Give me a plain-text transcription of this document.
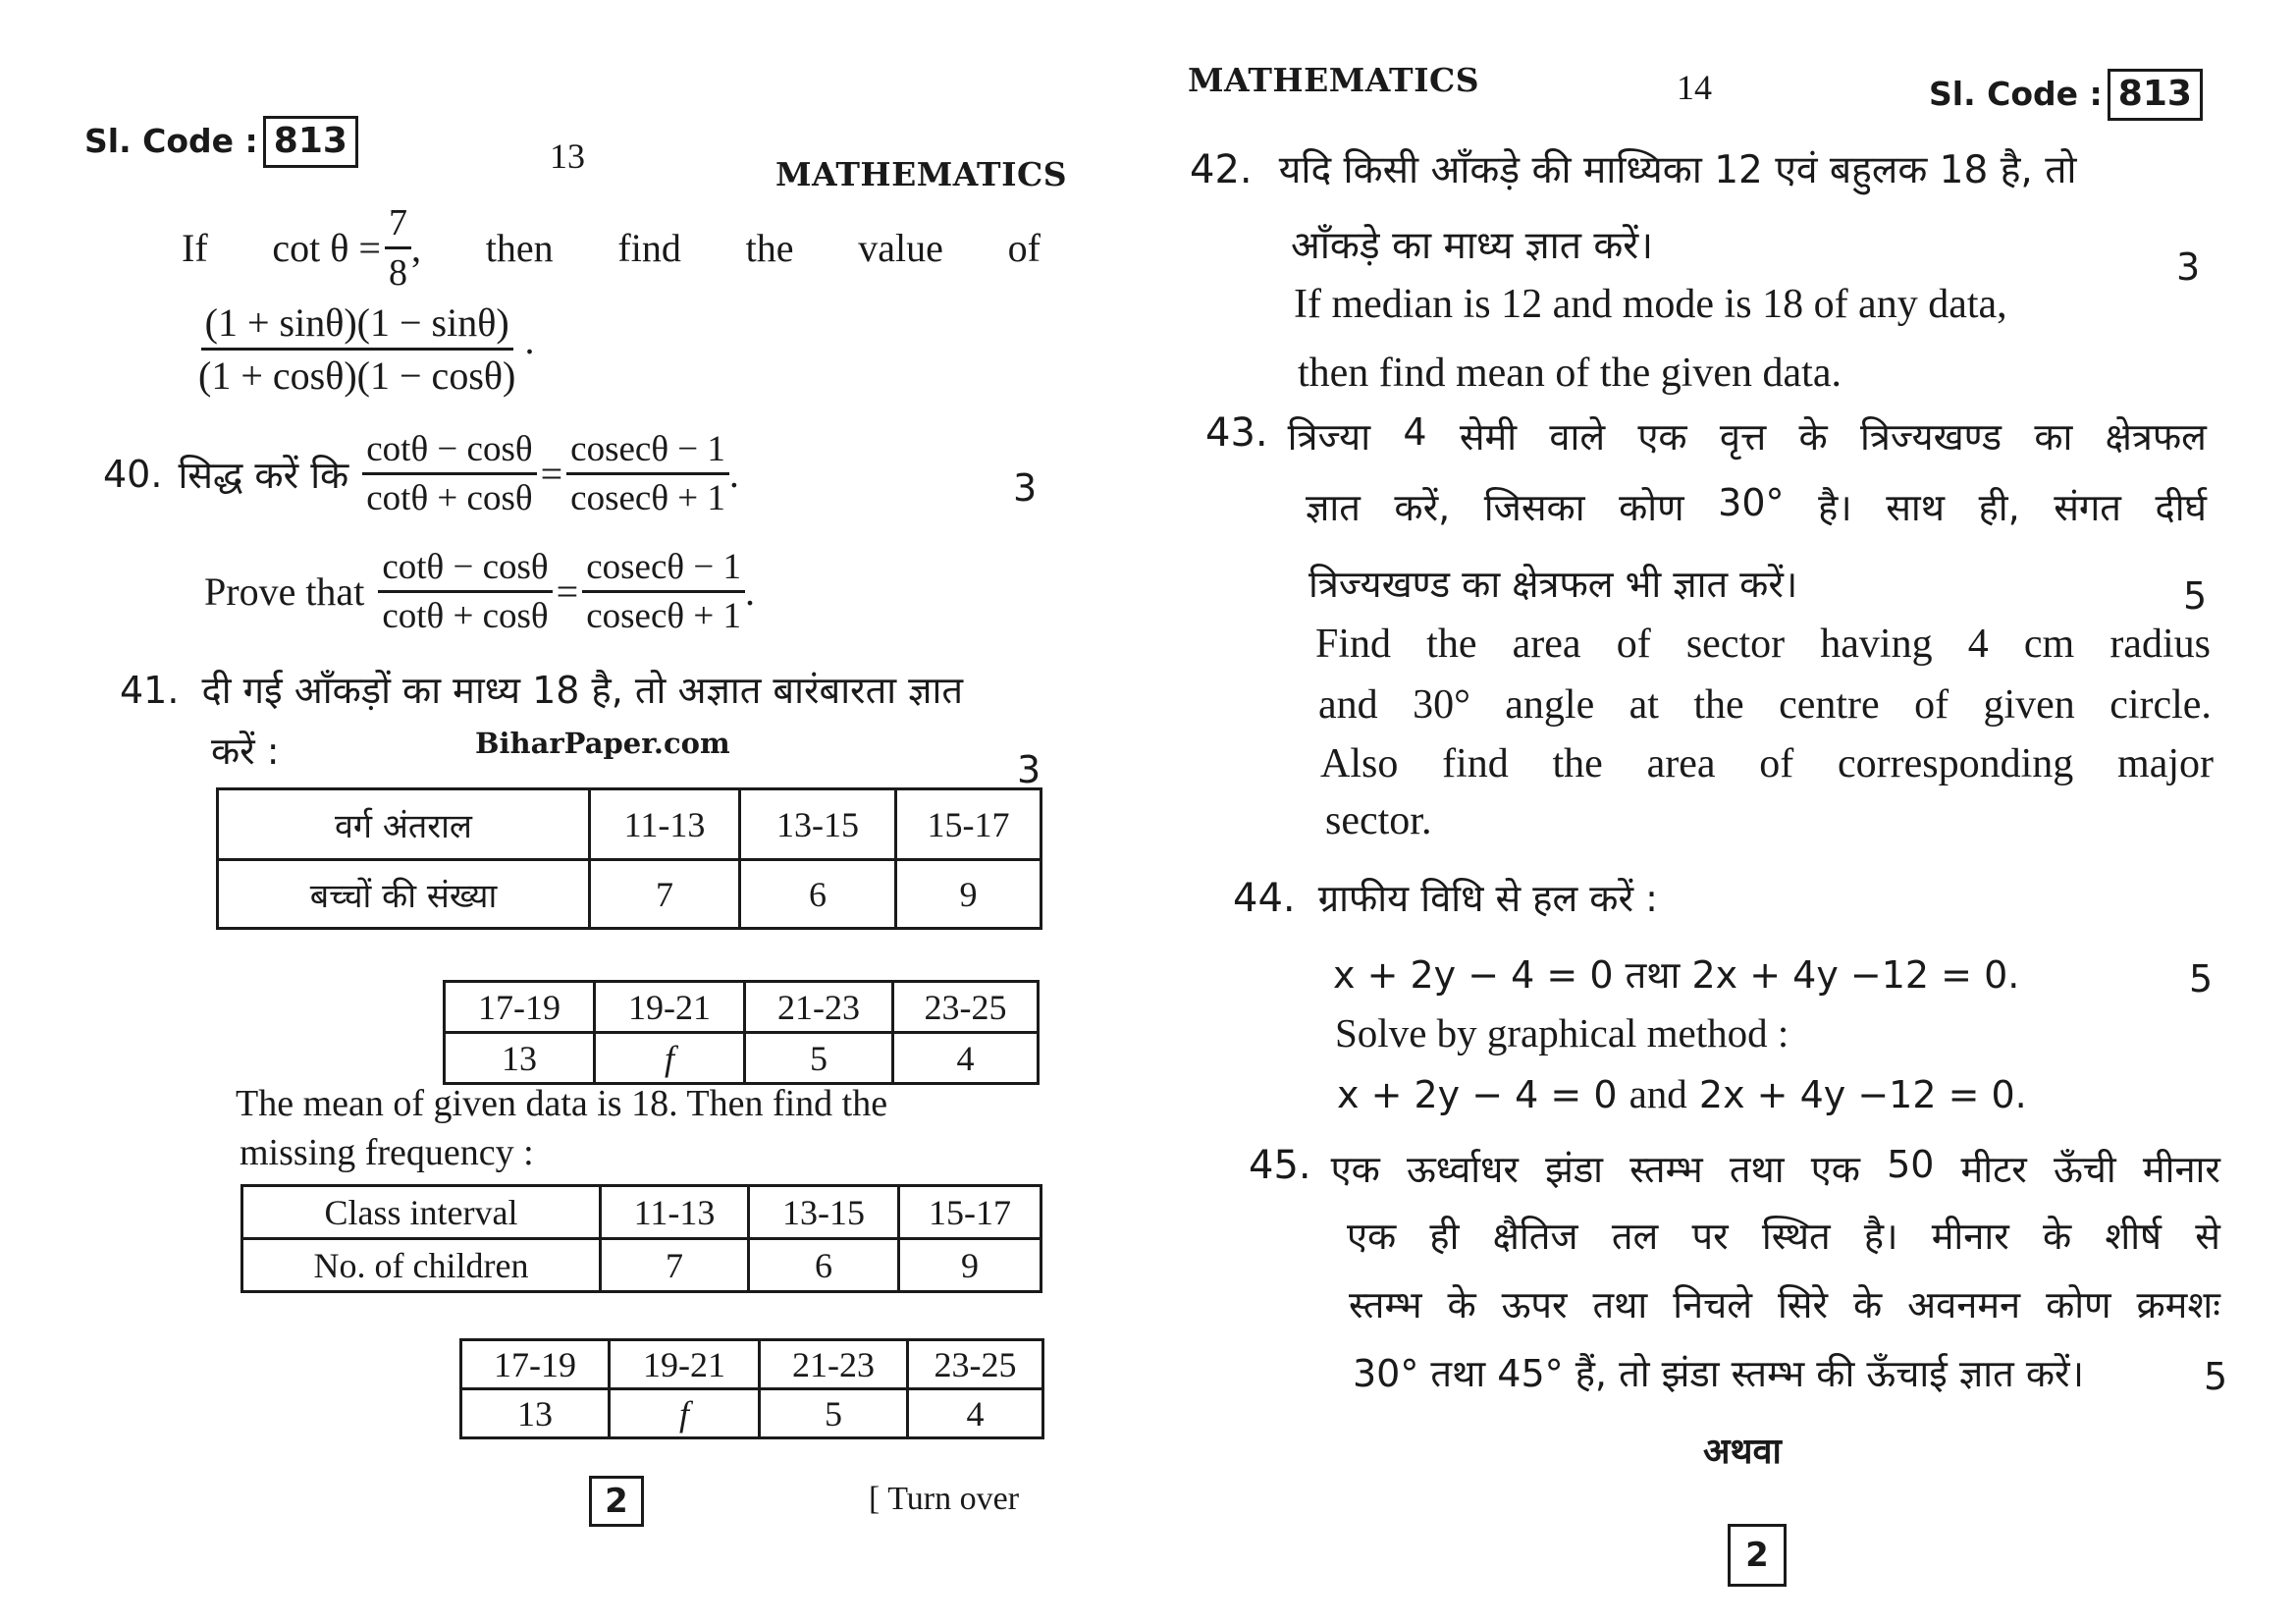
Sl. Code : 813	13	MATHEMATICS
If $\cot \theta = \frac{7}{8}$ , then find the value of
$\frac{(1 + \sin\theta)(1 - \sin\theta)}{(1 + \cos\theta)(1 - \cos\theta)}$ .
40. सिद्ध करें कि $\frac{\cot\theta - \cos\theta}{\cot\theta + \cos\theta} = \frac{cosec\theta - 1}{cosec\theta + 1}$ .	3
Prove that $\frac{\cot\theta - \cos\theta}{\cot\theta + \cos\theta} = \frac{cosec\theta - 1}{cosec\theta + 1}$ .
41. दी गई आँकड़ों का माध्य 18 है, तो अज्ञात बारंबारता ज्ञात
करें :	BiharPaper.com
3
वर्ग अंतराल	11-13	13-15	15-17
बच्चों की संख्या	7	6	9
17-19	19-21	21-23	23-25
13	f	5	4
The mean of given data is 18. Then find the
missing frequency :
Class interval	11-13	13-15	15-17
No. of children	7	6	9
17-19	19-21	21-23	23-25
13	f	5	4
2	[ Turn over
MATHEMATICS	14	Sl. Code : 813
42. यदि किसी आँकड़े की माध्यिका 12 एवं बहुलक 18 है, तो
आँकड़े का माध्य ज्ञात करें।	3
If median is 12 and mode is 18 of any data,
then find mean of the given data.
43. त्रिज्या 4 सेमी वाले एक वृत्त के त्रिज्यखण्ड का क्षेत्रफल
ज्ञात करें, जिसका कोण 30° है। साथ ही, संगत दीर्घ
त्रिज्यखण्ड का क्षेत्रफल भी ज्ञात करें।	5
Find the area of sector having 4 cm radius
and 30° angle at the centre of given circle.
Also find the area of corresponding major
sector.
44. ग्राफीय विधि से हल करें :
x + 2y − 4 = 0 तथा 2x + 4y −12 = 0.	5
Solve by graphical method :
x + 2y − 4 = 0 and 2x + 4y −12 = 0.
45. एक ऊर्ध्वाधर झंडा स्तम्भ तथा एक 50 मीटर ऊँची मीनार
एक ही क्षैतिज तल पर स्थित है। मीनार के शीर्ष से
स्तम्भ के ऊपर तथा निचले सिरे के अवनमन कोण क्रमशः
30° तथा 45° हैं, तो झंडा स्तम्भ की ऊँचाई ज्ञात करें।	5
अथवा
2
